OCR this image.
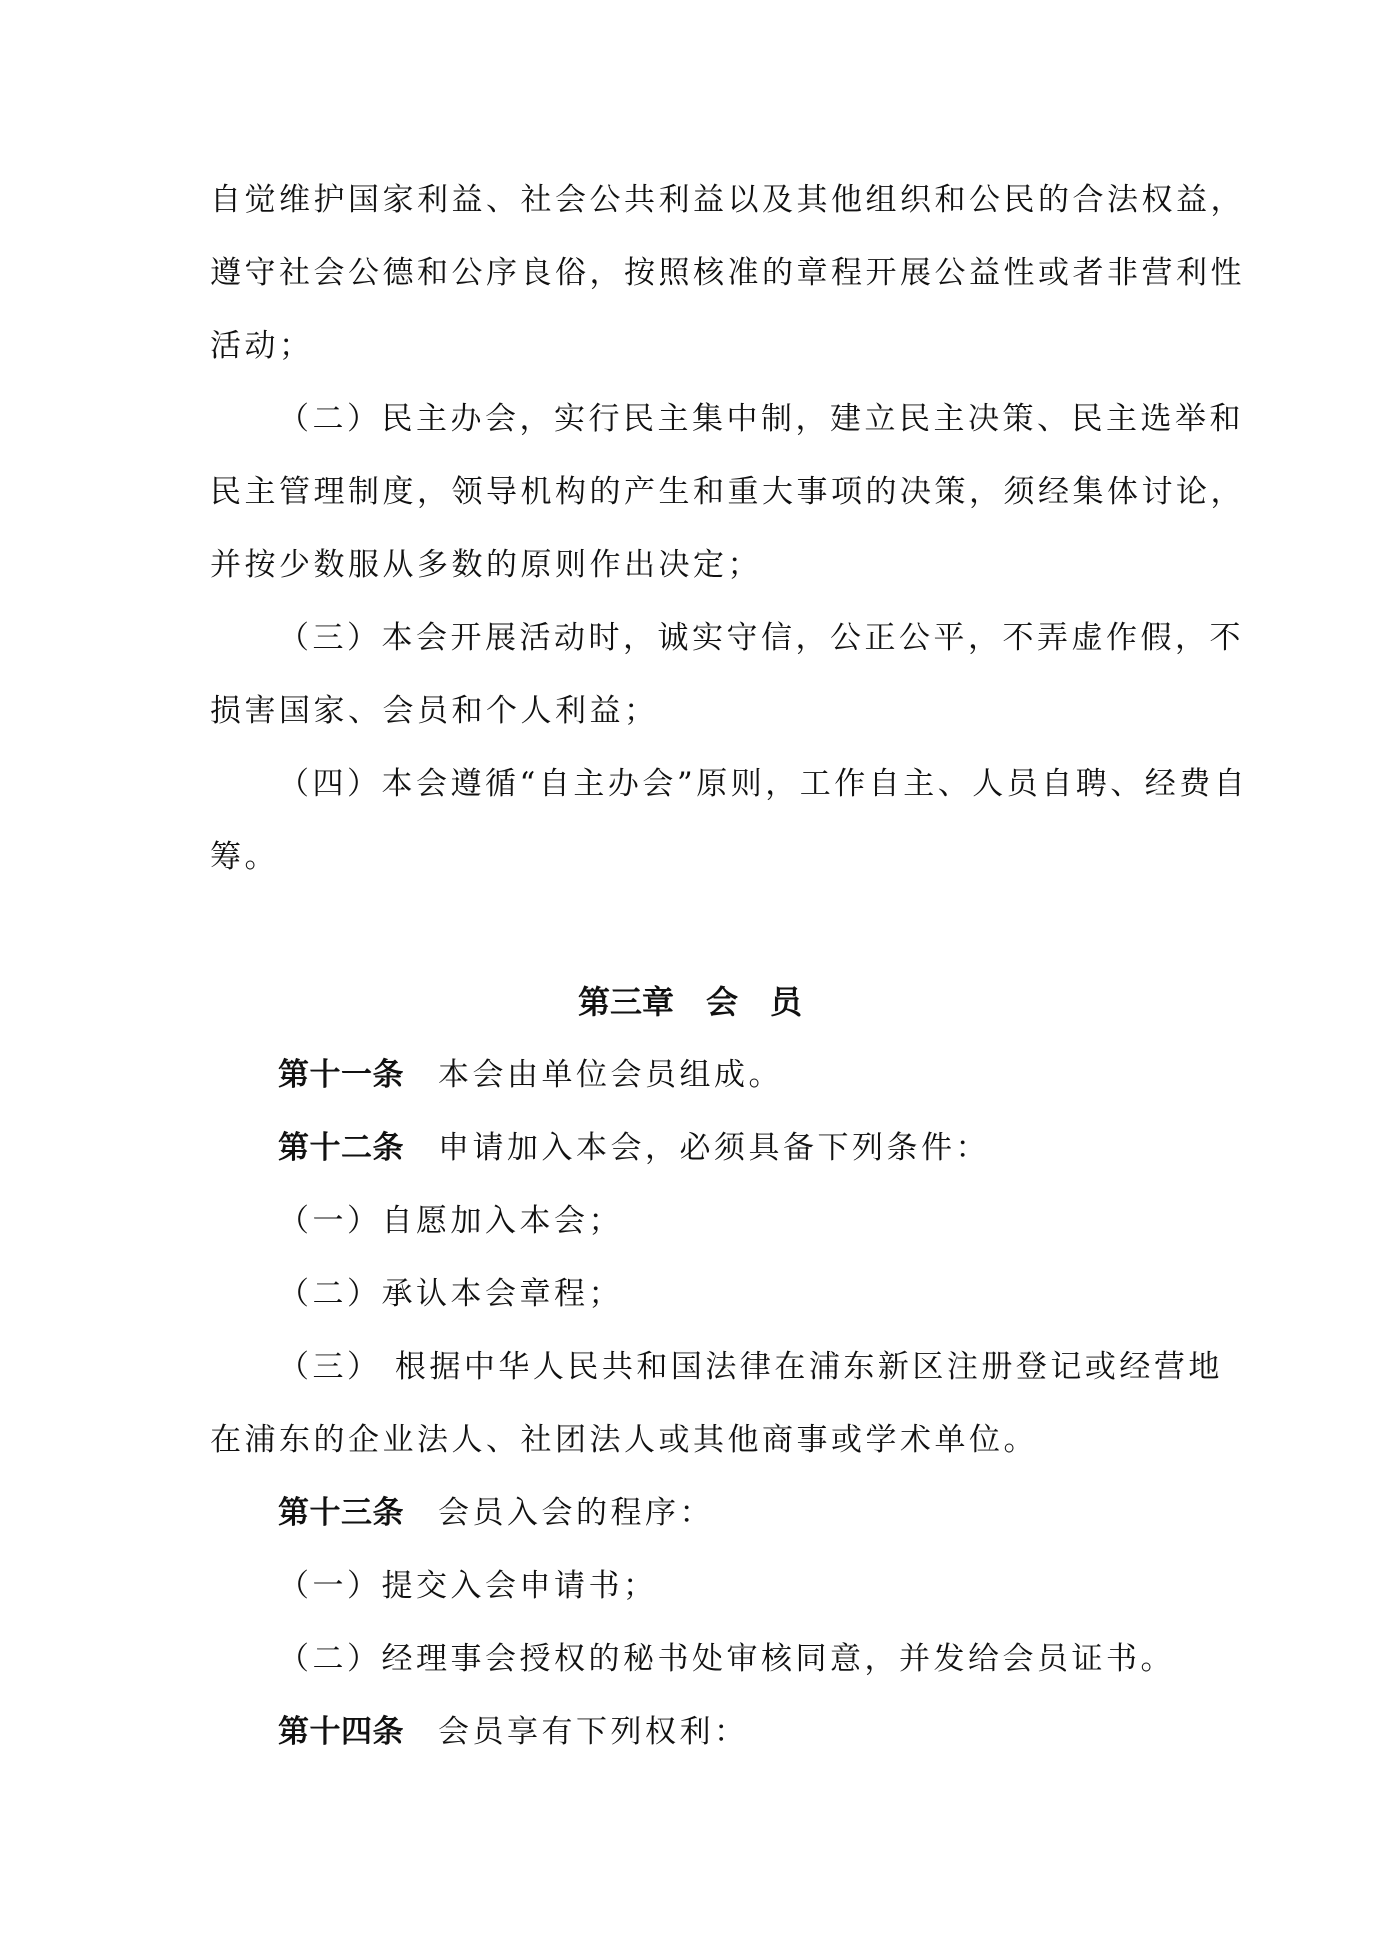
自觉维护国家利益、社会公共利益以及其他组织和公民的合法权益，
遵守社会公德和公序良俗，按照核准的章程开展公益性或者非营利性
活动；
（二）民主办会，实行民主集中制，建立民主决策、民主选举和
民主管理制度，领导机构的产生和重大事项的决策，须经集体讨论，
并按少数服从多数的原则作出决定；
（三）本会开展活动时，诚实守信，公正公平，不弄虚作假，不
损害国家、会员和个人利益；
（四）本会遵循“自主办会”原则，工作自主、人员自聘、经费自
筹。
第三章　会　员
第十一条 本会由单位会员组成。
第十二条 申请加入本会，必须具备下列条件：
（一）自愿加入本会；
（二）承认本会章程；
（三） 根据中华人民共和国法律在浦东新区注册登记或经营地
在浦东的企业法人、社团法人或其他商事或学术单位。
第十三条 会员入会的程序：
（一）提交入会申请书；
（二）经理事会授权的秘书处审核同意，并发给会员证书。
第十四条 会员享有下列权利：
